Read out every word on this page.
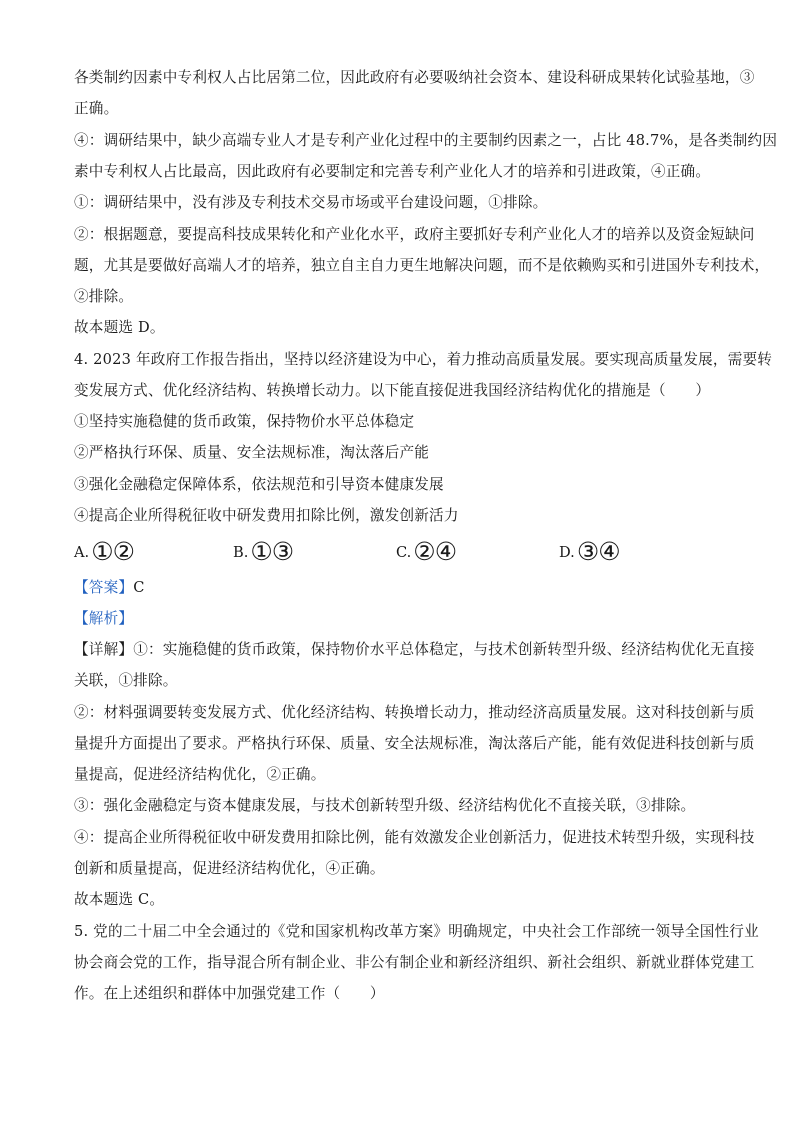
各类制约因素中专利权人占比居第二位，因此政府有必要吸纳社会资本、建设科研成果转化试验基地，③
正确。
④：调研结果中，缺少高端专业人才是专利产业化过程中的主要制约因素之一，占比 48.7%，是各类制约因
素中专利权人占比最高，因此政府有必要制定和完善专利产业化人才的培养和引进政策，④正确。
①：调研结果中，没有涉及专利技术交易市场或平台建设问题，①排除。
②：根据题意，要提高科技成果转化和产业化水平，政府主要抓好专利产业化人才的培养以及资金短缺问
题，尤其是要做好高端人才的培养，独立自主自力更生地解决问题，而不是依赖购买和引进国外专利技术，
②排除。
故本题选 D。
4. 2023 年政府工作报告指出，坚持以经济建设为中心，着力推动高质量发展。要实现高质量发展，需要转
变发展方式、优化经济结构、转换增长动力。以下能直接促进我国经济结构优化的措施是（　　）
①坚持实施稳健的货币政策，保持物价水平总体稳定
②严格执行环保、质量、安全法规标准，淘汰落后产能
③强化金融稳定保障体系，依法规范和引导资本健康发展
④提高企业所得税征收中研发费用扣除比例，激发创新活力
A. ①②	B. ①③	C. ②④	D. ③④
【答案】C
【解析】
【详解】①：实施稳健的货币政策，保持物价水平总体稳定，与技术创新转型升级、经济结构优化无直接
关联，①排除。
②：材料强调要转变发展方式、优化经济结构、转换增长动力，推动经济高质量发展。这对科技创新与质
量提升方面提出了要求。严格执行环保、质量、安全法规标准，淘汰落后产能，能有效促进科技创新与质
量提高，促进经济结构优化，②正确。
③：强化金融稳定与资本健康发展，与技术创新转型升级、经济结构优化不直接关联，③排除。
④：提高企业所得税征收中研发费用扣除比例，能有效激发企业创新活力，促进技术转型升级，实现科技
创新和质量提高，促进经济结构优化，④正确。
故本题选 C。
5. 党的二十届二中全会通过的《党和国家机构改革方案》明确规定，中央社会工作部统一领导全国性行业
协会商会党的工作，指导混合所有制企业、非公有制企业和新经济组织、新社会组织、新就业群体党建工
作。在上述组织和群体中加强党建工作（　　）
